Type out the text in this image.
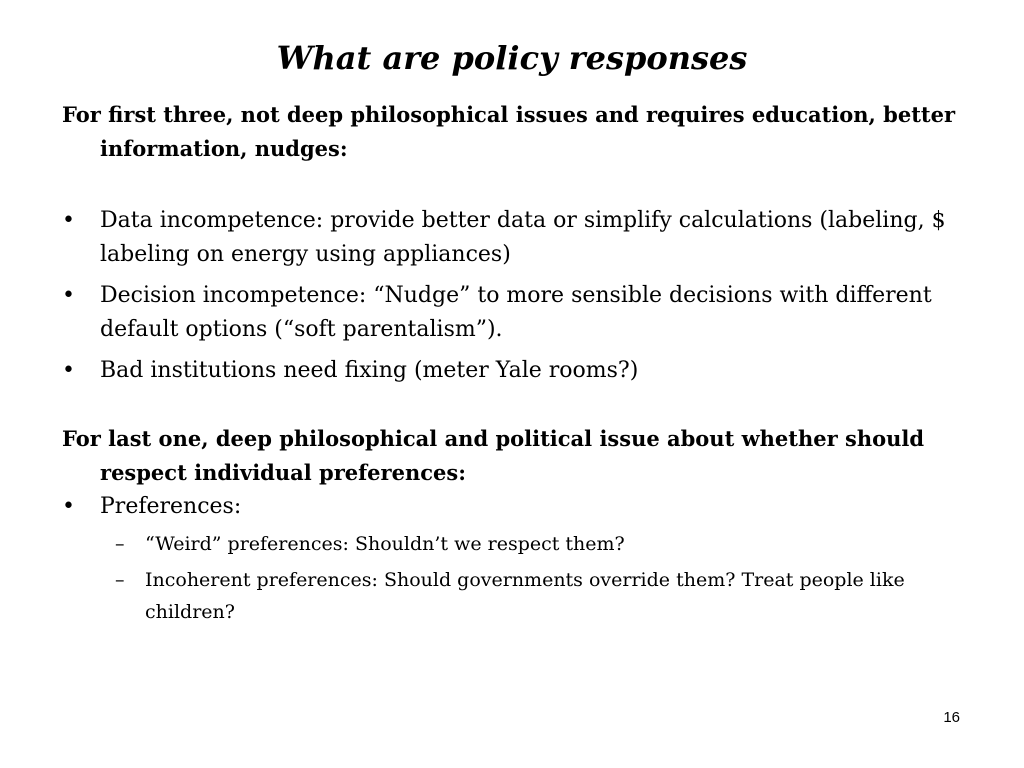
What are policy responses

For first three, not deep philosophical issues and requires education, better information, nudges:

•	Data incompetence: provide better data or simplify calculations (labeling, $ labeling on energy using appliances)
•	Decision incompetence: “Nudge” to more sensible decisions with different default options (“soft parentalism”).
•	Bad institutions need fixing (meter Yale rooms?)

For last one, deep philosophical and political issue about whether should respect individual preferences:

•	Preferences:
– “Weird” preferences: Shouldn’t we respect them?
– Incoherent preferences: Should governments override them? Treat people like children?
16
